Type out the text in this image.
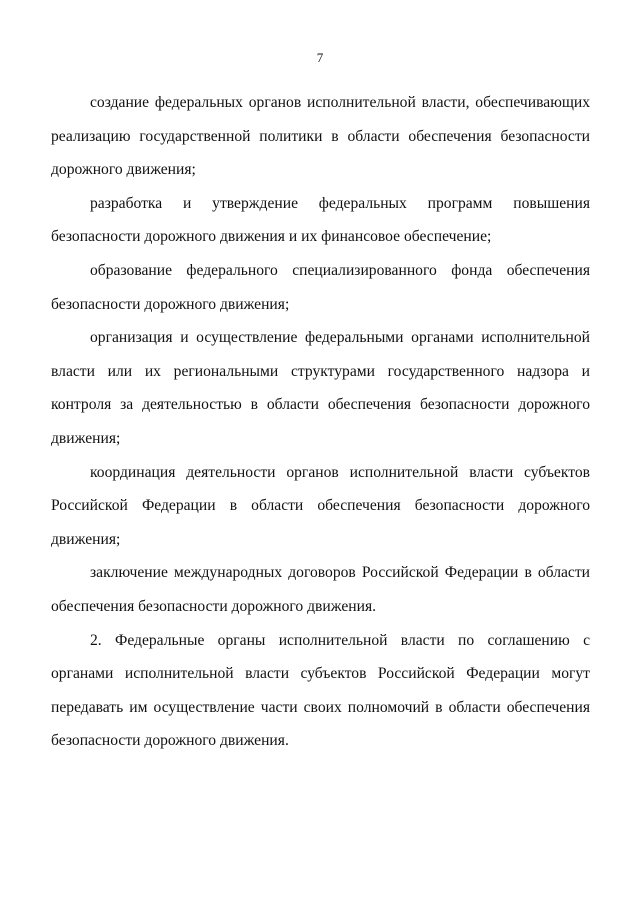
7

создание федеральных органов исполнительной власти, обеспечивающих реализацию государственной политики в области обеспечения безопасности дорожного движения;

разработка и утверждение федеральных программ повышения безопасности дорожного движения и их финансовое обеспечение;

образование федерального специализированного фонда обеспечения безопасности дорожного движения;

организация и осуществление федеральными органами исполнительной власти или их региональными структурами государственного надзора и контроля за деятельностью в области обеспечения безопасности дорожного движения;

координация деятельности органов исполнительной власти субъектов Российской Федерации в области обеспечения безопасности дорожного движения;

заключение международных договоров Российской Федерации в области обеспечения безопасности дорожного движения.

2. Федеральные органы исполнительной власти по соглашению с органами исполнительной власти субъектов Российской Федерации могут передавать им осуществление части своих полномочий в области обеспечения безопасности дорожного движения.
